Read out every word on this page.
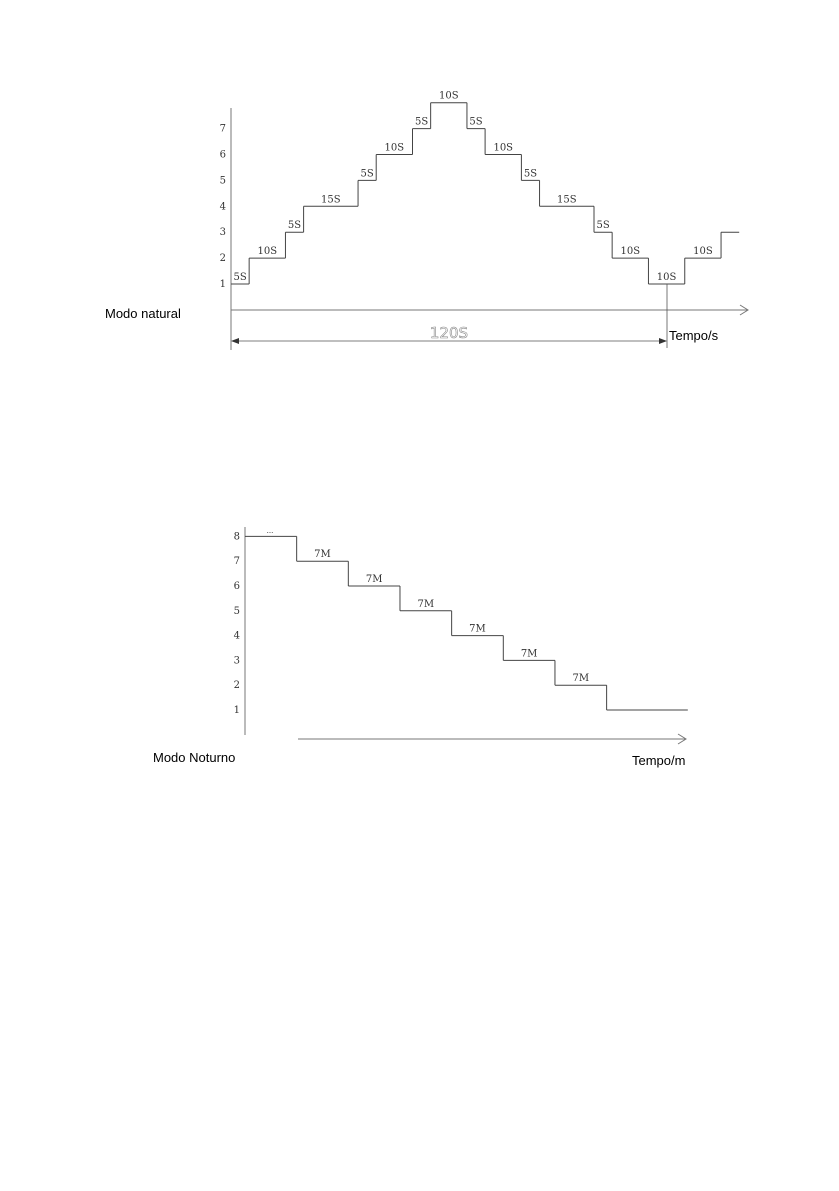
1
2
3
4
5
6
7
5S
10S
5S
15S
5S
10S
5S
10S
5S
10S
5S
15S
5S
10S
10S
10S
120S
Modo natural
Tempo/s
1
2
3
4
5
6
7
8
7M
7M
7M
7M
7M
7M
...
Modo Noturno	Tempo/m
